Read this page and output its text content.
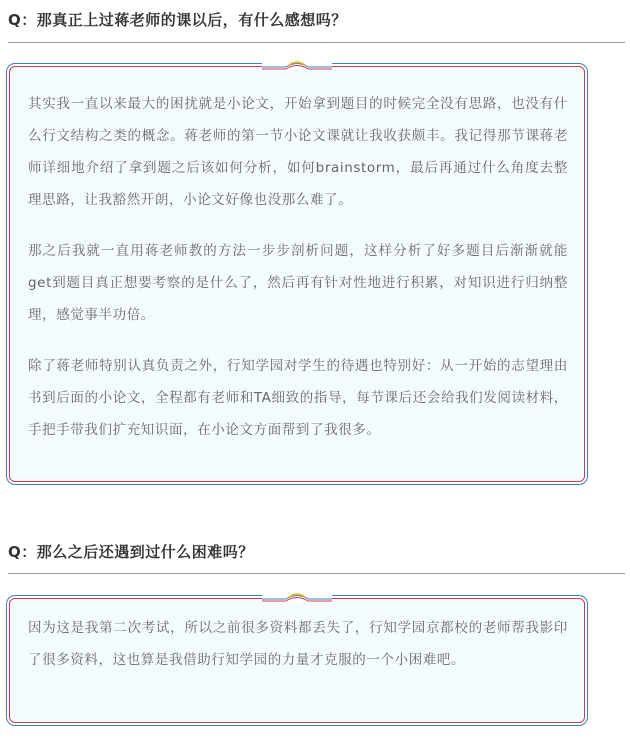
Q：那真正上过蒋老师的课以后，有什么感想吗？

其实我一直以来最大的困扰就是小论文，开始拿到题目的时候完全没有思路，也没有什么行文结构之类的概念。蒋老师的第一节小论文课就让我收获颇丰。我记得那节课蒋老师详细地介绍了拿到题之后该如何分析，如何brainstorm，最后再通过什么角度去整理思路，让我豁然开朗，小论文好像也没那么难了。

那之后我就一直用蒋老师教的方法一步步剖析问题，这样分析了好多题目后渐渐就能get到题目真正想要考察的是什么了，然后再有针对性地进行积累，对知识进行归纳整理，感觉事半功倍。

除了蒋老师特别认真负责之外，行知学园对学生的待遇也特别好：从一开始的志望理由书到后面的小论文，全程都有老师和TA细致的指导，每节课后还会给我们发阅读材料，手把手带我们扩充知识面，在小论文方面帮到了我很多。

Q：那么之后还遇到过什么困难吗？

因为这是我第二次考试，所以之前很多资料都丢失了，行知学园京都校的老师帮我影印了很多资料，这也算是我借助行知学园的力量才克服的一个小困难吧。
